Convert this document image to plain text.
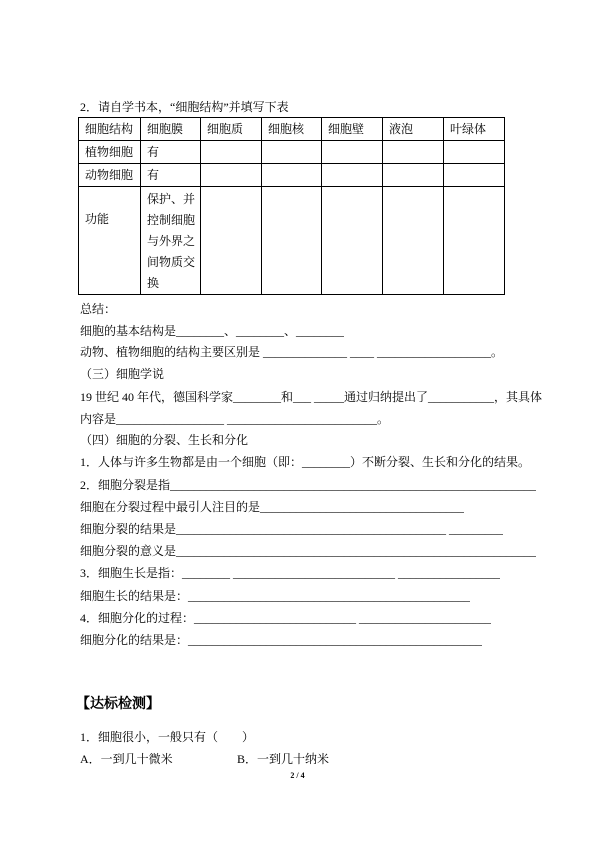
2．请自学书本，“细胞结构”并填写下表
细胞结构	细胞膜	细胞质	细胞核	细胞壁	液泡	叶绿体
植物细胞	有					
动物细胞	有					

功能	保护、并控制细胞与外界之间物质交换					

总结：
细胞的基本结构是________、________、________
动物、植物细胞的结构主要区别是 ______________ ____ ___________________。
（三）细胞学说
19 世纪 40 年代，德国科学家________和___ _____通过归纳提出了___________，其具体
内容是__________________ _________________________。
（四）细胞的分裂、生长和分化
1．人体与许多生物都是由一个细胞（即：________）不断分裂、生长和分化的结果。
2．细胞分裂是指_____________________________________________________________
细胞在分裂过程中最引人注目的是__________________________________
细胞分裂的结果是_____________________________________________ _________
细胞分裂的意义是____________________________________________________________
3．细胞生长是指：________ ___________________________ _________________
细胞生长的结果是：_______________________________________________
4．细胞分化的过程：___________________________ ______________________
细胞分化的结果是：_________________________________________________
【达标检测】
1．细胞很小，一般只有（　　）
A．一到几十微米	B．一到几十纳米
2 / 4
